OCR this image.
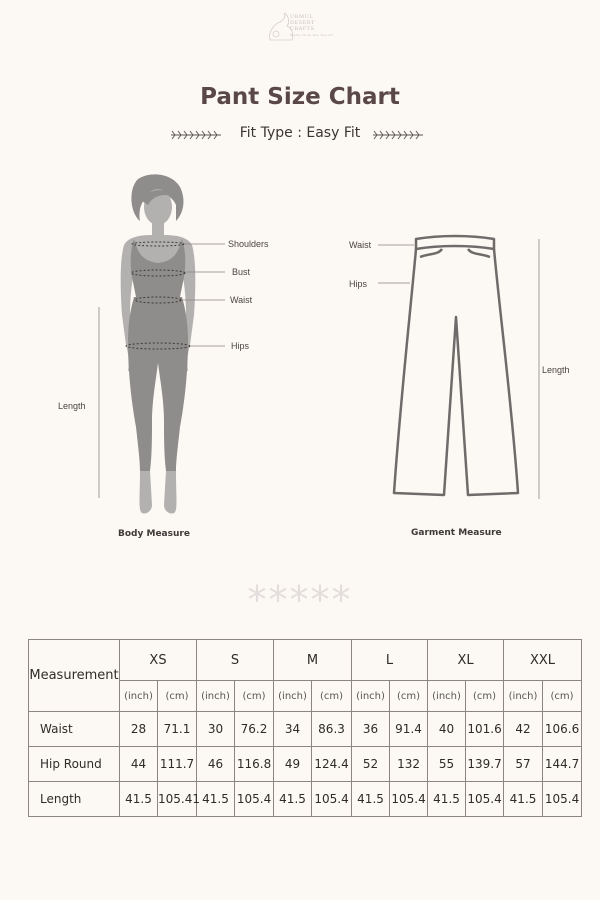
URMUL
DESERT
CRAFTS
Made from the Desert
Pant Size Chart
Fit Type : Easy Fit
Shoulders
Bust
Waist
Hips
Length
Body Measure
Waist
Hips
Length
Garment Measure
*****
Measurement	XS		S		M		L		XL		XXL	
	(inch)	(cm)	(inch)	(cm)	(inch)	(cm)	(inch)	(cm)	(inch)	(cm)	(inch)	(cm)
Waist	28	71.1	30	76.2	34	86.3	36	91.4	40	101.6	42	106.6
Hip Round	44	111.7	46	116.8	49	124.4	52	132	55	139.7	57	144.7
Length	41.5	105.41	41.5	105.4	41.5	105.4	41.5	105.4	41.5	105.4	41.5	105.4
